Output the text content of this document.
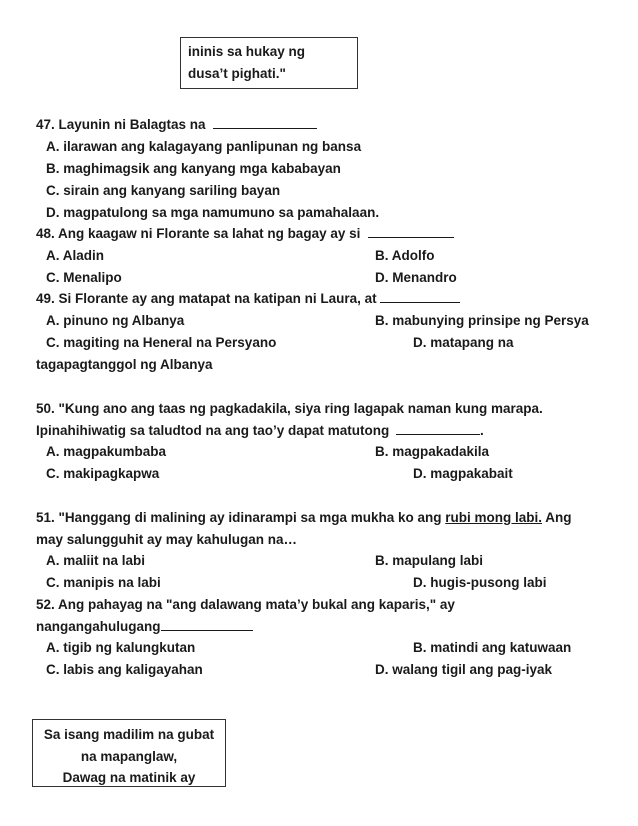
ininis sa hukay ng
dusa’t pighati."
47. Layunin ni Balagtas na
A. ilarawan ang kalagayang panlipunan ng bansa
B. maghimagsik ang kanyang mga kababayan
C. sirain ang kanyang sariling bayan
D. magpatulong sa mga namumuno sa pamahalaan.
48. Ang kaagaw ni Florante sa lahat ng bagay ay si
A. Aladin	B. Adolfo
C. Menalipo	D. Menandro
49. Si Florante ay ang matapat na katipan ni Laura, at
A. pinuno ng Albanya	B. mabunying prinsipe ng Persya
C. magiting na Heneral na Persyano	D. matapang na
tagapagtanggol ng Albanya
50. "Kung ano ang taas ng pagkadakila, siya ring lagapak naman kung marapa.
Ipinahihiwatig sa taludtod na ang tao’y dapat matutong	.
A. magpakumbaba	B. magpakadakila
C. makipagkapwa	D. magpakabait
51. "Hanggang di malining ay idinarampi sa mga mukha ko ang rubi mong labi. Ang
may salungguhit ay may kahulugan na…
A. maliit na labi	B. mapulang labi
C. manipis na labi	D. hugis-pusong labi
52. Ang pahayag na "ang dalawang mata’y bukal ang kaparis," ay
nangangahulugang
A. tigib ng kalungkutan	B. matindi ang katuwaan
C. labis ang kaligayahan	D. walang tigil ang pag-iyak
Sa isang madilim na gubat
na mapanglaw,
Dawag na matinik ay
